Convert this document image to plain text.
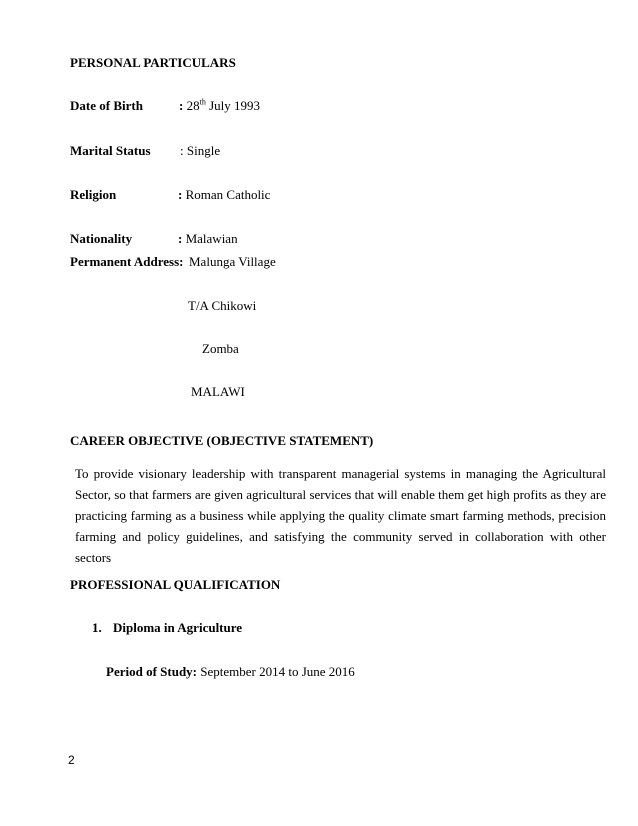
PERSONAL PARTICULARS
Date of Birth	: 28th July 1993
Marital Status : Single
Religion	: Roman Catholic
Nationality	: Malawian
Permanent Address: Malunga Village
T/A Chikowi
Zomba
MALAWI
CAREER OBJECTIVE (OBJECTIVE STATEMENT)
To provide visionary leadership with transparent managerial systems in managing the Agricultural Sector, so that farmers are given agricultural services that will enable them get high profits as they are practicing farming as a business while applying the quality climate smart farming methods, precision farming and policy guidelines, and satisfying the community served in collaboration with other sectors
PROFESSIONAL QUALIFICATION
1. Diploma in Agriculture
Period of Study: September 2014 to June 2016
2
